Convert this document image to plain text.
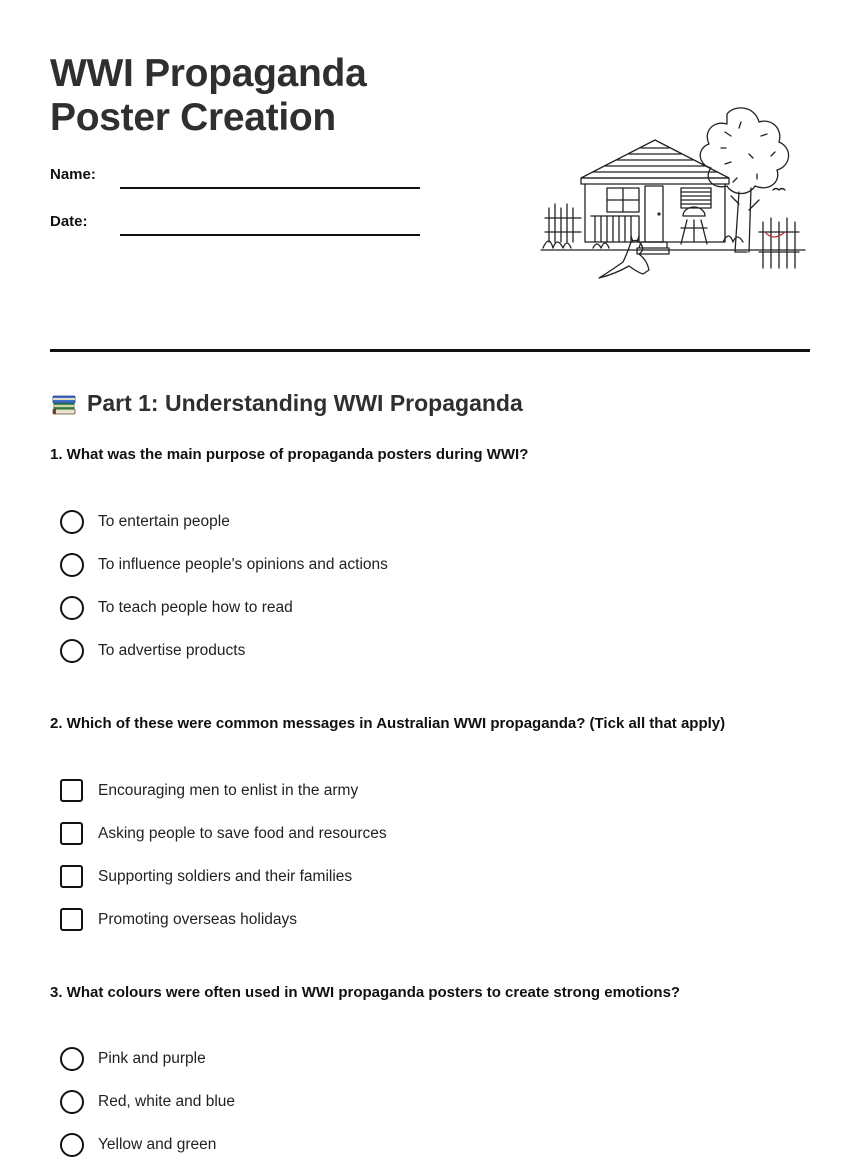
WWI Propaganda
Poster Creation
Name:
Date:
Part 1: Understanding WWI Propaganda
1. What was the main purpose of propaganda posters during WWI?
To entertain people
To influence people's opinions and actions
To teach people how to read
To advertise products
2. Which of these were common messages in Australian WWI propaganda? (Tick all that apply)
Encouraging men to enlist in the army
Asking people to save food and resources
Supporting soldiers and their families
Promoting overseas holidays
3. What colours were often used in WWI propaganda posters to create strong emotions?
Pink and purple
Red, white and blue
Yellow and green
